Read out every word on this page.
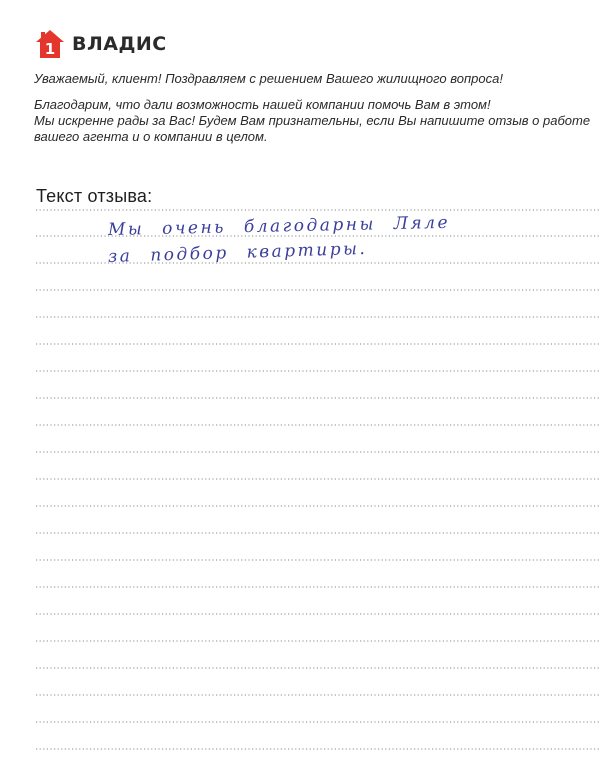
1 ВЛАДИС

Уважаемый, клиент! Поздравляем с решением Вашего жилищного вопроса!

Благодарим, что дали возможность нашей компании помочь Вам в этом!

Мы искренне рады за Вас! Будем Вам признательны, если Вы напишите отзыв о работе

вашего агента и о компании в целом.

Текст отзыва:
Мы очень благодарны Ляле
за подбор квартиры.
